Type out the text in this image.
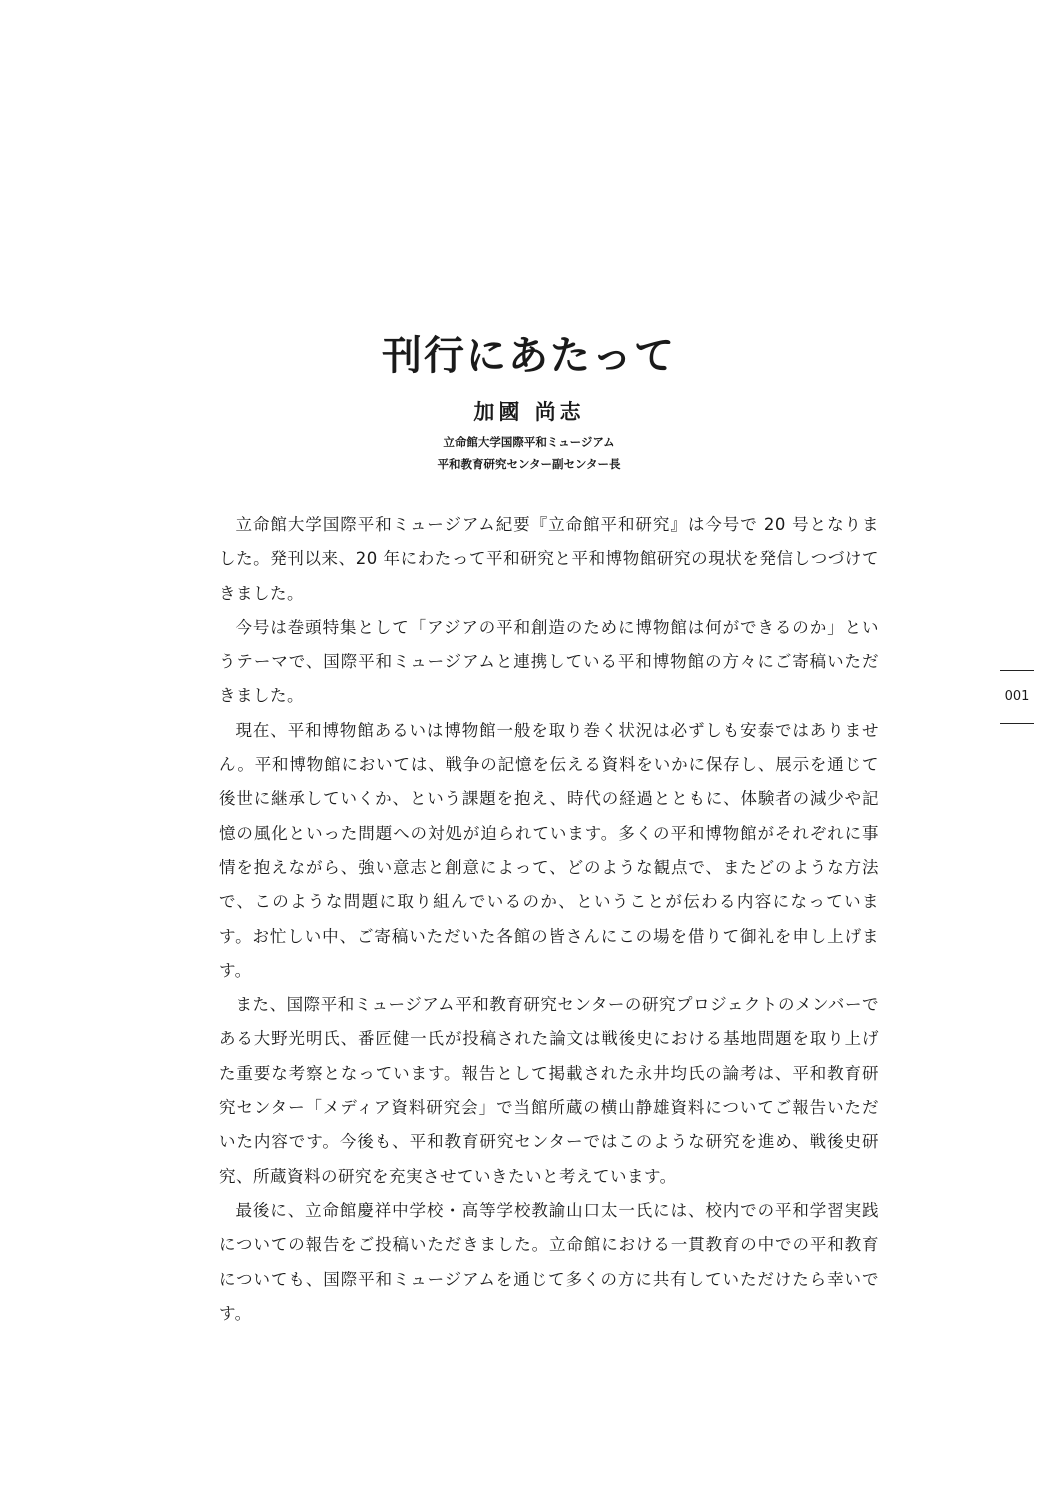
刊行にあたって
加國 尚志
立命館大学国際平和ミュージアム
平和教育研究センター副センター長

立命館大学国際平和ミュージアム紀要『立命館平和研究』は今号で 20 号となりました。発刊以来、20 年にわたって平和研究と平和博物館研究の現状を発信しつづけてきました。

今号は巻頭特集として「アジアの平和創造のために博物館は何ができるのか」というテーマで、国際平和ミュージアムと連携している平和博物館の方々にご寄稿いただきました。

現在、平和博物館あるいは博物館一般を取り巻く状況は必ずしも安泰ではありません。平和博物館においては、戦争の記憶を伝える資料をいかに保存し、展示を通じて後世に継承していくか、という課題を抱え、時代の経過とともに、体験者の減少や記憶の風化といった問題への対処が迫られています。多くの平和博物館がそれぞれに事情を抱えながら、強い意志と創意によって、どのような観点で、またどのような方法で、このような問題に取り組んでいるのか、ということが伝わる内容になっています。お忙しい中、ご寄稿いただいた各館の皆さんにこの場を借りて御礼を申し上げます。

また、国際平和ミュージアム平和教育研究センターの研究プロジェクトのメンバーである大野光明氏、番匠健一氏が投稿された論文は戦後史における基地問題を取り上げた重要な考察となっています。報告として掲載された永井均氏の論考は、平和教育研究センター「メディア資料研究会」で当館所蔵の横山静雄資料についてご報告いただいた内容です。今後も、平和教育研究センターではこのような研究を進め、戦後史研究、所蔵資料の研究を充実させていきたいと考えています。

最後に、立命館慶祥中学校・高等学校教諭山口太一氏には、校内での平和学習実践についての報告をご投稿いただきました。立命館における一貫教育の中での平和教育についても、国際平和ミュージアムを通じて多くの方に共有していただけたら幸いです。

001
